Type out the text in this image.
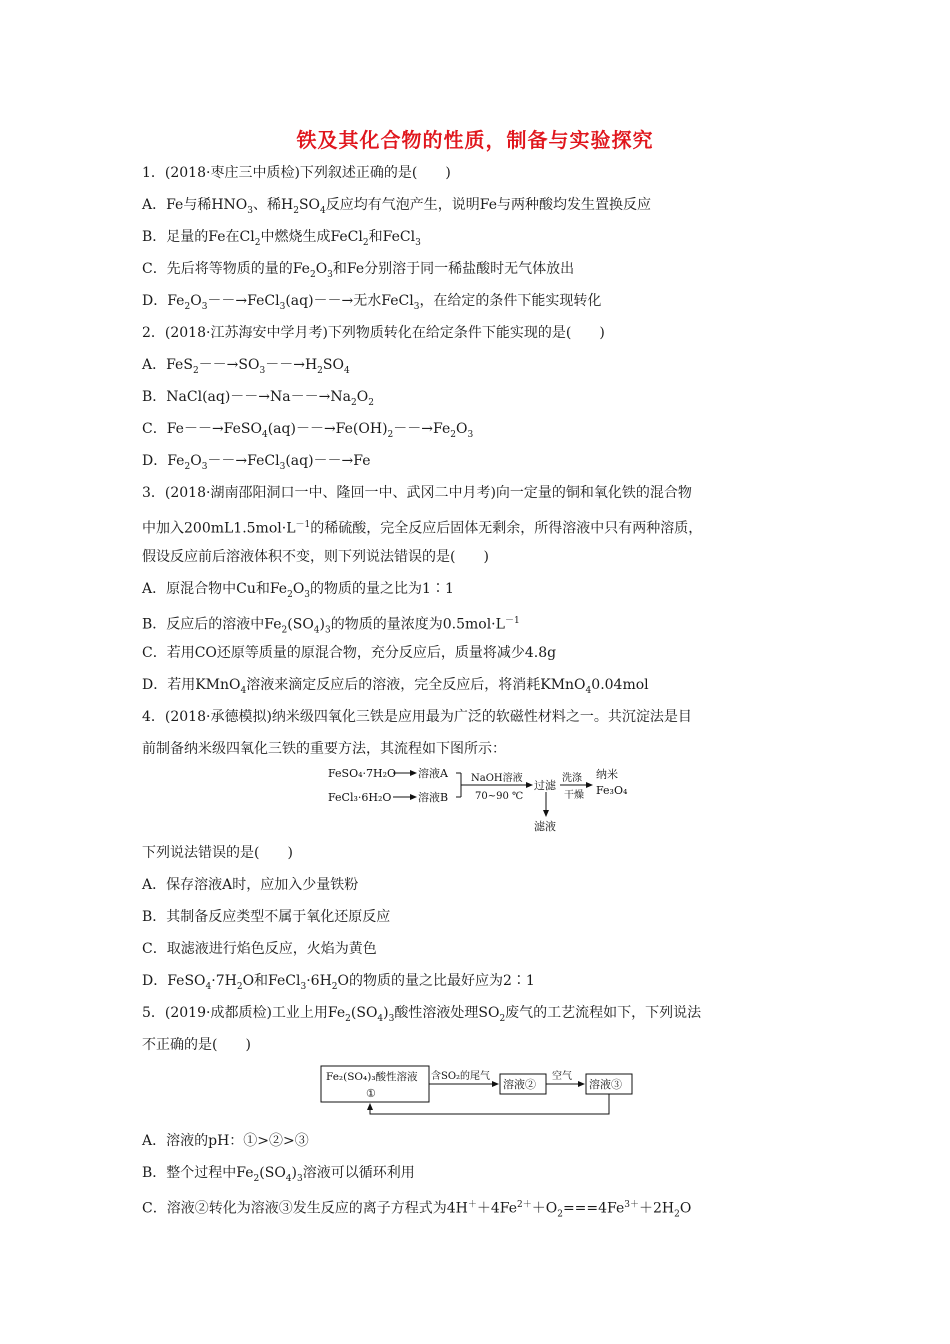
铁及其化合物的性质，制备与实验探究
1．(2018·枣庄三中质检)下列叙述正确的是(　　)
A．Fe与稀$HNO_3$、稀$H_2SO_4$反应均有气泡产生，说明Fe与两种酸均发生置换反应
B．足量的Fe在$Cl_2$中燃烧生成FeCl$_2$和FeCl$_3$
C．先后将等物质的量的$Fe_2O_3$和Fe分别溶于同一稀盐酸时无气体放出
D．$Fe_2O_3--\to FeCl_3(aq)--\to$无水FeCl$_3$，在给定的条件下能实现转化
2．(2018·江苏海安中学月考)下列物质转化在给定条件下能实现的是(　　)
A．$FeS_2--\to SO_3--\to H_2SO_4$
B．$NaCl(aq)--\to Na--\to Na_2O_2$
C．$Fe--\to FeSO_4(aq)--\to Fe(OH)_2--\to Fe_2O_3$
D．$Fe_2O_3--\to FeCl_3(aq)--\to Fe$
3．(2018·湖南邵阳洞口一中、隆回一中、武冈二中月考)向一定量的铜和氧化铁的混合物
中加入$200mL1.5mol\cdot L^{-1}$的稀硫酸，完全反应后固体无剩余，所得溶液中只有两种溶质，
假设反应前后溶液体积不变，则下列说法错误的是(　　)
A．原混合物中Cu和$Fe_2O_3$的物质的量之比为1∶1
B．反应后的溶液中$Fe_2(SO_4)_3$的物质的量浓度为$0.5mol\cdot L^{-1}$
C．若用CO还原等质量的原混合物，充分反应后，质量将减少4.8g
D．若用KMnO$_4$溶液来滴定反应后的溶液，完全反应后，将消耗KMnO$_4$0.04mol
4．(2018·承德模拟)纳米级四氧化三铁是应用最为广泛的软磁性材料之一。共沉淀法是目
前制备纳米级四氧化三铁的重要方法，其流程如下图所示：
FeSO₄·7H₂O 溶液A
FeCl₃·6H₂O 溶液B
NaOH溶液
70~90 ℃
过滤
洗涤
干燥
纳米
Fe₃O₄
滤液
下列说法错误的是(　　)
A．保存溶液A时，应加入少量铁粉
B．其制备反应类型不属于氧化还原反应
C．取滤液进行焰色反应，火焰为黄色
D．$FeSO_4\cdot 7H_2O$和$FeCl_3\cdot 6H_2O$的物质的量之比最好应为2∶1
5．(2019·成都质检)工业上用$Fe_2(SO_4)_3$酸性溶液处理$SO_2$废气的工艺流程如下，下列说法
不正确的是(　　)
Fe₂(SO₄)₃酸性溶液
①
含SO₂的尾气
溶液②
空气
溶液③
A．溶液的pH：①>②>③
B．整个过程中$Fe_2(SO_4)_3$溶液可以循环利用
C．溶液②转化为溶液③发生反应的离子方程式为$4H^++4Fe^{2+}+O_2===4Fe^{3+}+2H_2O$
